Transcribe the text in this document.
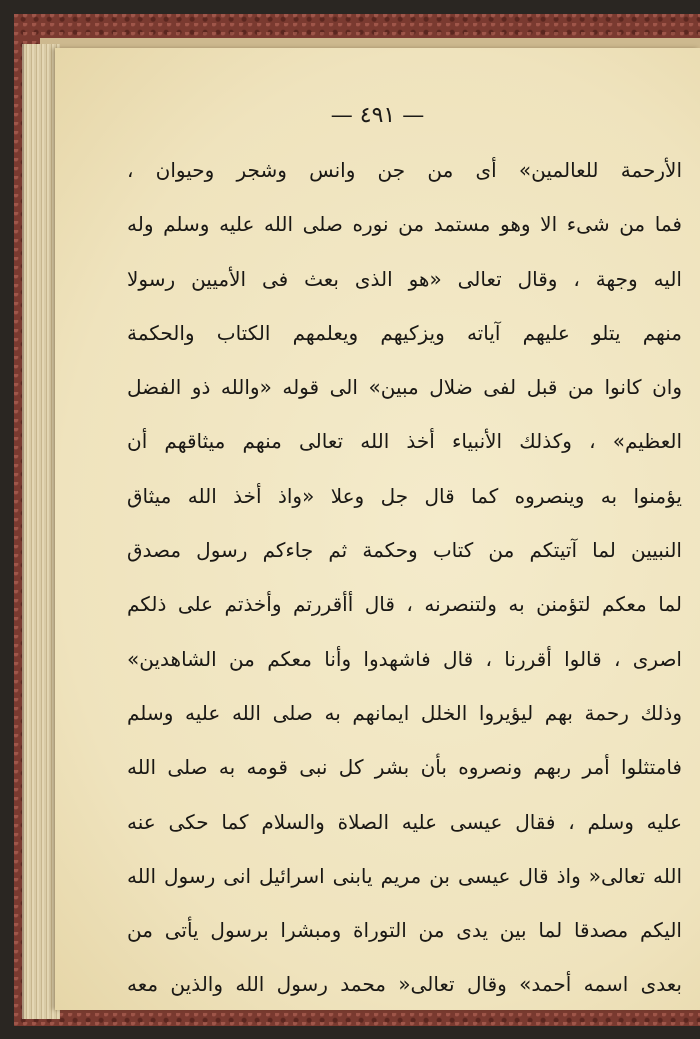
— ٤٩١ —
الأرحمة للعالمين» أى من جن وانس وشجر وحيوان ،
فما من شىء الا وهو مستمد من نوره صلى الله عليه وسلم وله
اليه وجهة ، وقال تعالى «هو الذى بعث فى الأميين رسولا
منهم يتلو عليهم آياته ويزكيهم ويعلمهم الكتاب والحكمة
وان كانوا من قبل لفى ضلال مبين» الى قوله «والله ذو الفضل
العظيم» ، وكذلك الأنبياء أخذ الله تعالى منهم ميثاقهم أن
يؤمنوا به وينصروه كما قال جل وعلا «واذ أخذ الله ميثاق
النبيين لما آتيتكم من كتاب وحكمة ثم جاءكم رسول مصدق
لما معكم لتؤمنن به ولتنصرنه ، قال أأقررتم وأخذتم على ذلكم
اصرى ، قالوا أقررنا ، قال فاشهدوا وأنا معكم من الشاهدين»
وذلك رحمة بهم ليؤيروا الخلل ايمانهم به صلى الله عليه وسلم
فامتثلوا أمر ربهم ونصروه بأن بشر كل نبى قومه به صلى الله
عليه وسلم ، فقال عيسى عليه الصلاة والسلام كما حكى عنه
الله تعالى« واذ قال عيسى بن مريم يابنى اسرائيل انى رسول الله
اليكم مصدقا لما بين يدى من التوراة ومبشرا برسول يأتى من
بعدى اسمه أحمد» وقال تعالى« محمد رسول الله والذين معه
